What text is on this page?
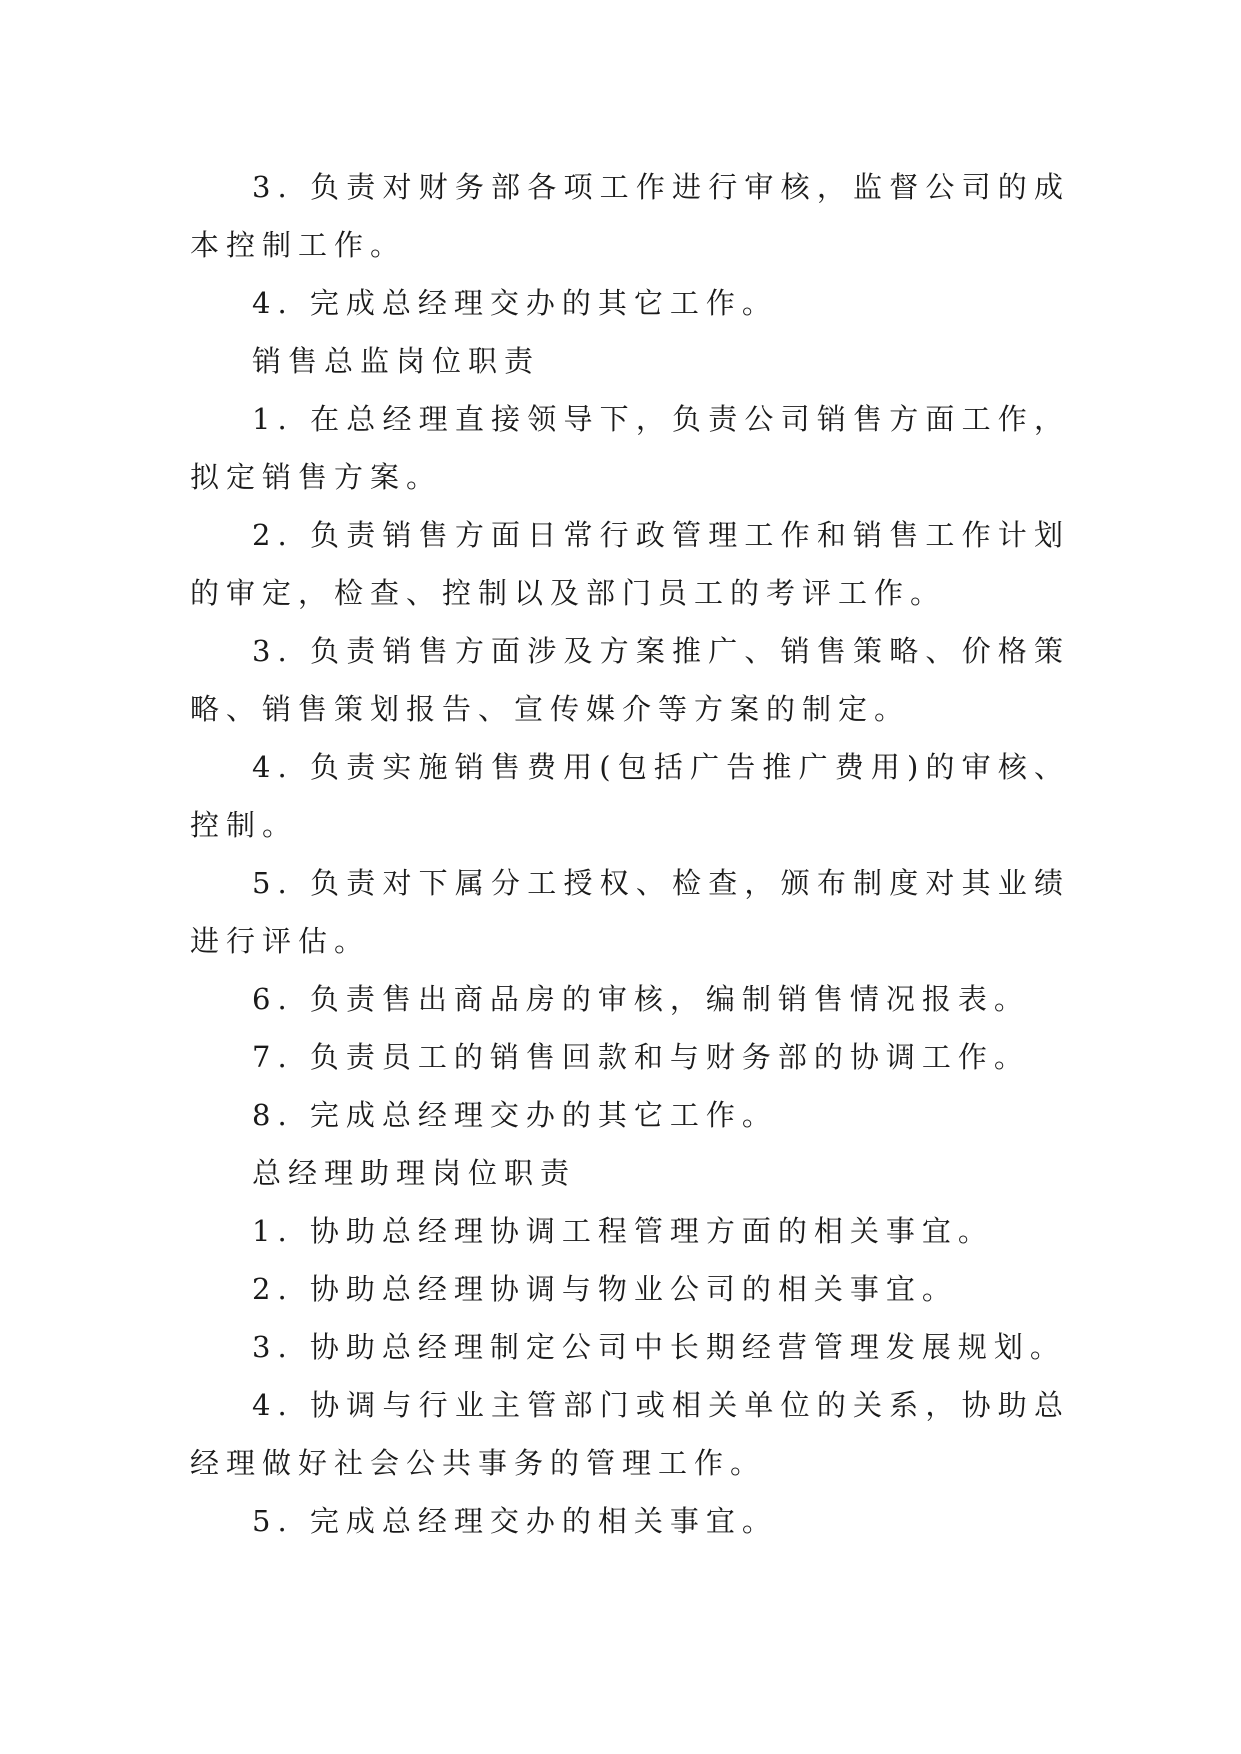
3. 负责对财务部各项工作进行审核，监督公司的成本控制工作。

4. 完成总经理交办的其它工作。

销售总监岗位职责

1. 在总经理直接领导下，负责公司销售方面工作，拟定销售方案。

2. 负责销售方面日常行政管理工作和销售工作计划的审定，检查、控制以及部门员工的考评工作。

3. 负责销售方面涉及方案推广、销售策略、价格策略、销售策划报告、宣传媒介等方案的制定。

4. 负责实施销售费用(包括广告推广费用)的审核、控制。

5. 负责对下属分工授权、检查，颁布制度对其业绩进行评估。

6. 负责售出商品房的审核，编制销售情况报表。

7. 负责员工的销售回款和与财务部的协调工作。

8. 完成总经理交办的其它工作。

总经理助理岗位职责

1. 协助总经理协调工程管理方面的相关事宜。

2. 协助总经理协调与物业公司的相关事宜。

3. 协助总经理制定公司中长期经营管理发展规划。

4. 协调与行业主管部门或相关单位的关系，协助总经理做好社会公共事务的管理工作。

5. 完成总经理交办的相关事宜。
